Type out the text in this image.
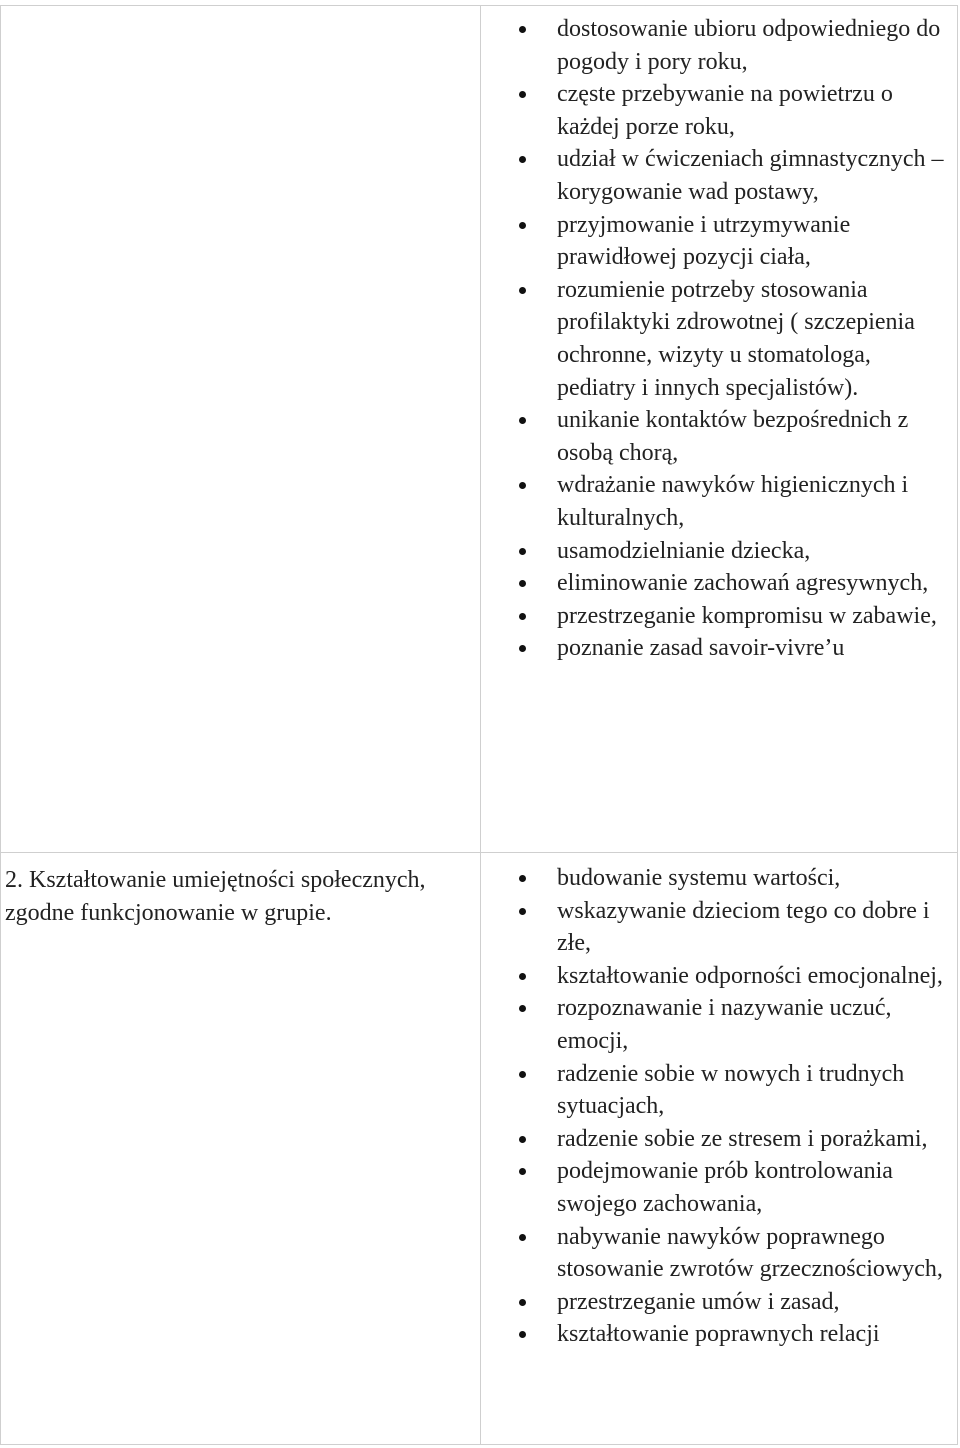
dostosowanie ubioru odpowiedniego do pogody i pory roku,
częste przebywanie na powietrzu o każdej porze roku,
udział w ćwiczeniach gimnastycznych – korygowanie wad postawy,
przyjmowanie i utrzymywanie prawidłowej pozycji ciała,
rozumienie potrzeby stosowania profilaktyki zdrowotnej ( szczepienia ochronne, wizyty u stomatologa, pediatry i innych specjalistów).
unikanie kontaktów bezpośrednich z osobą chorą,
wdrażanie nawyków higienicznych i kulturalnych,
usamodzielnianie dziecka,
eliminowanie zachowań agresywnych,
przestrzeganie kompromisu w zabawie,
poznanie zasad savoir-vivre’u

2. Kształtowanie umiejętności społecznych, zgodne funkcjonowanie w grupie.

budowanie systemu wartości,
wskazywanie dzieciom tego co dobre i złe,
kształtowanie odporności emocjonalnej,
rozpoznawanie i nazywanie uczuć, emocji,
radzenie sobie w nowych i trudnych sytuacjach,
radzenie sobie ze stresem i porażkami,
podejmowanie prób kontrolowania swojego zachowania,
nabywanie nawyków poprawnego stosowanie zwrotów grzecznościowych,
przestrzeganie umów i zasad,
kształtowanie poprawnych relacji
